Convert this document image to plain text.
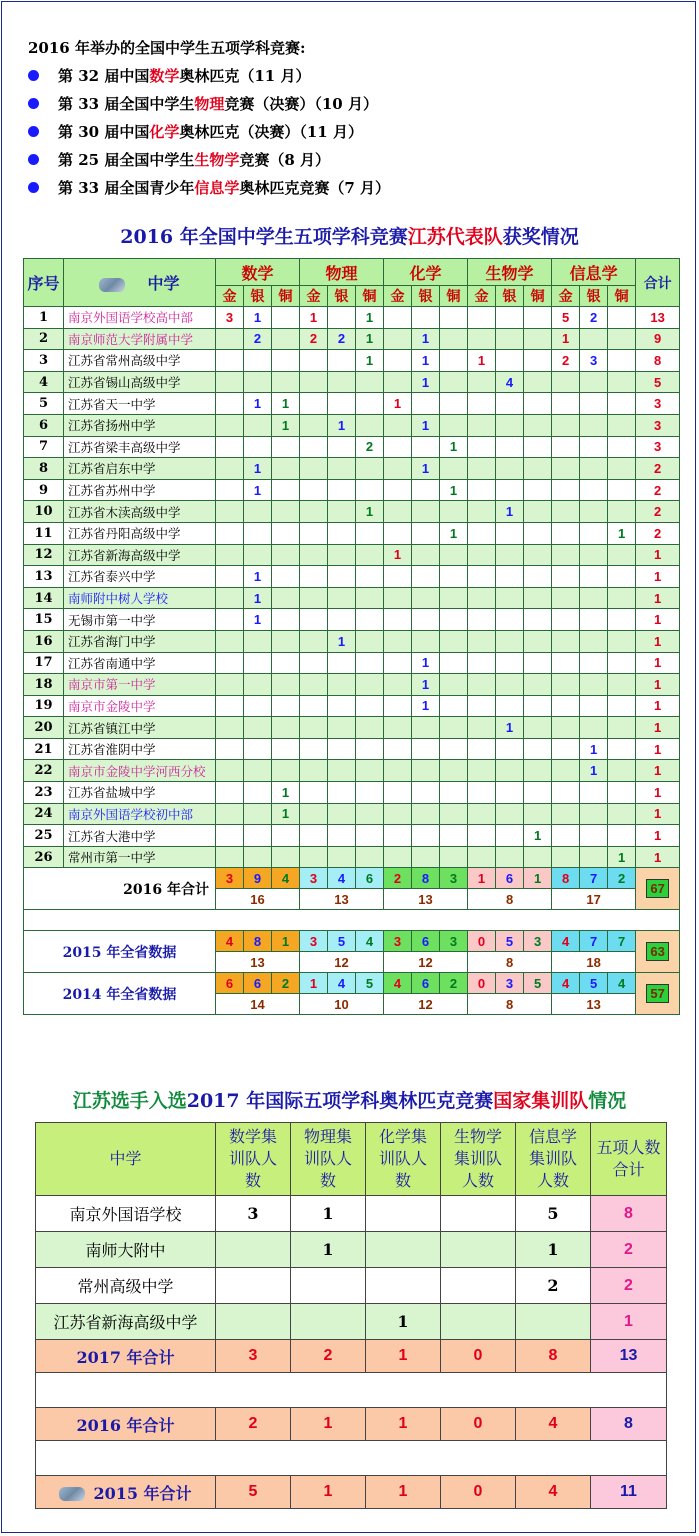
2016 年举办的全国中学生五项学科竞赛:
第 32 届中国数学奥林匹克（11 月）
第 33 届全国中学生物理竞赛（决赛）（10 月）
第 30 届中国化学奥林匹克（决赛）（11 月）
第 25 届全国中学生生物学竞赛（8 月）
第 33 届全国青少年信息学奥林匹克竞赛（7 月）
2016 年全国中学生五项学科竞赛江苏代表队获奖情况
序号	中学	数学			物理			化学			生物学			信息学			合计
		金	银	铜	金	银	铜	金	银	铜	金	银	铜	金	银	铜	
1	南京外国语学校高中部	3	1		1		1							5	2		13
2	南京师范大学附属中学		2		2	2	1		1					1			9
3	江苏省常州高级中学						1		1		1			2	3		8
4	江苏省锡山高级中学								1			4					5
5	江苏省天一中学		1	1				1									3
6	江苏省扬州中学			1		1			1								3
7	江苏省梁丰高级中学						2			1							3
8	江苏省启东中学		1						1								2
9	江苏省苏州中学		1							1							2
10	江苏省木渎高级中学						1					1					2
11	江苏省丹阳高级中学									1						1	2
12	江苏省新海高级中学							1									1
13	江苏省泰兴中学		1														1
14	南师附中树人学校		1														1
15	无锡市第一中学		1														1
16	江苏省海门中学					1											1
17	江苏省南通中学								1								1
18	南京市第一中学								1								1
19	南京市金陵中学								1								1
20	江苏省镇江中学											1					1
21	江苏省淮阴中学														1		1
22	南京市金陵中学河西分校														1		1
23	江苏省盐城中学			1													1
24	南京外国语学校初中部			1													1
25	江苏省大港中学												1				1
26	常州市第一中学															1	1
2016 年合计		3	9	4	3	4	6	2	8	3	1	6	1	8	7	2	67
		16			13			13			8			17			

2015 年全省数据		4	8	1	3	5	4	3	6	3	0	5	3	4	7	7	63
		13			12			12			8			18			
2014 年全省数据		6	6	2	1	4	5	4	6	2	0	3	5	4	5	4	57
		14			10			12			8			13			
江苏选手入选2017 年国际五项学科奥林匹克竞赛国家集训队情况
中学	数学集训队人数	物理集训队人数	化学集训队人数	生物学集训队人数	信息学集训队人数	五项人数合计
南京外国语学校	3	1			5	8
南师大附中		1			1	2
常州高级中学					2	2
江苏省新海高级中学			1			1
2017 年合计	3	2	1	0	8	13

2016 年合计	2	1	1	0	4	8

2015 年合计	5	1	1	0	4	11
